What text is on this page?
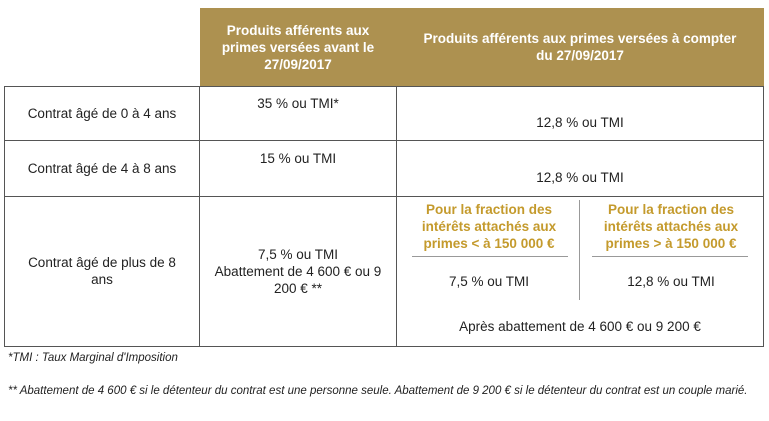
Produits afférents aux primes versées avant le 27/09/2017
Produits afférents aux primes versées à compter du 27/09/2017
Contrat âgé de 0 à 4 ans
35 % ou TMI*
12,8 % ou TMI
Contrat âgé de 4 à 8 ans
15 % ou TMI
12,8 % ou TMI
Contrat âgé de plus de 8 ans
7,5 % ou TMI
Abattement de 4 600 € ou 9 200 € **
Pour la fraction des intérêts attachés aux primes < à 150 000 €
Pour la fraction des intérêts attachés aux primes > à 150 000 €
7,5 % ou TMI	12,8 % ou TMI
Après abattement de 4 600 € ou 9 200 €
*TMI : Taux Marginal d'Imposition
** Abattement de 4 600 € si le détenteur du contrat est une personne seule. Abattement de 9 200 € si le détenteur du contrat est un couple marié.
